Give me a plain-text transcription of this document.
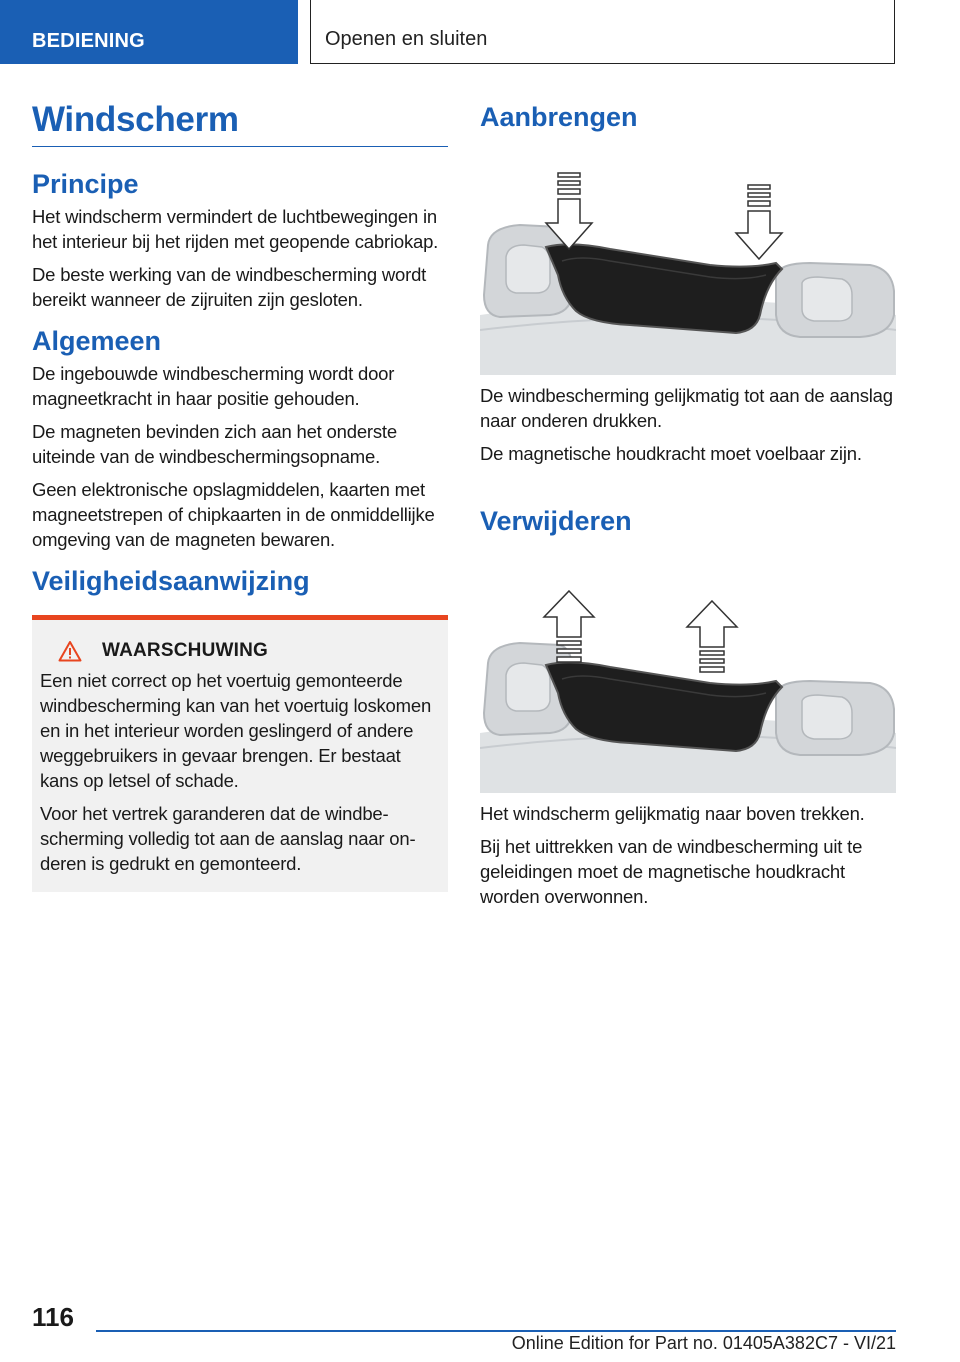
BEDIENING	Openen en sluiten
Windscherm
Principe

Het windscherm vermindert de luchtbewegingen in het interieur bij het rijden met geopende cabriokap.

De beste werking van de windbescherming wordt bereikt wanneer de zijruiten zijn gesloten.

Algemeen

De ingebouwde windbescherming wordt door magneetkracht in haar positie gehouden.

De magneten bevinden zich aan het onderste uiteinde van de windbeschermingsopname.

Geen elektronische opslagmiddelen, kaarten met magneetstrepen of chipkaarten in de onmiddellijke omgeving van de magneten bewaren.

Veiligheidsaanwijzing
WAARSCHUWING

Een niet correct op het voertuig gemonteerde windbescherming kan van het voertuig loskomen en in het interieur worden geslingerd of andere weggebruikers in gevaar brengen. Er bestaat kans op letsel of schade.

Voor het vertrek garanderen dat de windbescherming volledig tot aan de aanslag naar onderen is gedrukt en gemonteerd.

Aanbrengen

De windbescherming gelijkmatig tot aan de aanslag naar onderen drukken.

De magnetische houdkracht moet voelbaar zijn.

Verwijderen

Het windscherm gelijkmatig naar boven trekken.

Bij het uittrekken van de windbescherming uit te geleidingen moet de magnetische houdkracht worden overwonnen.

116
Online Edition for Part no. 01405A382C7 - VI/21
